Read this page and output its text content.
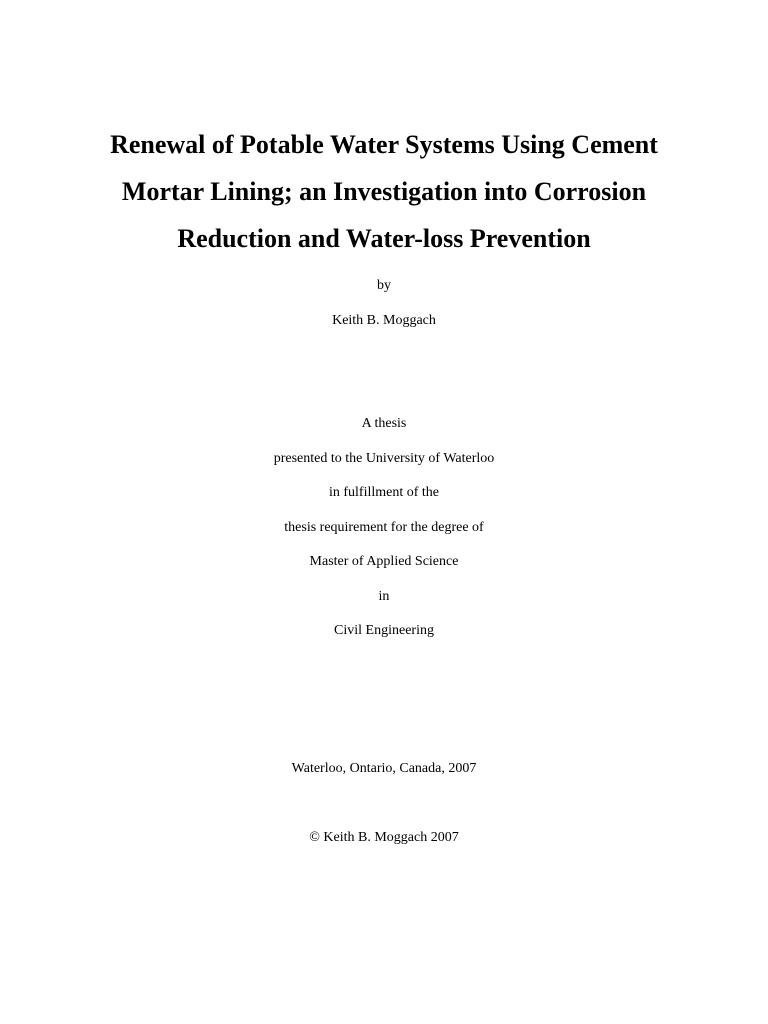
Renewal of Potable Water Systems Using Cement
Mortar Lining; an Investigation into Corrosion
Reduction and Water-loss Prevention
by
Keith B. Moggach
A thesis
presented to the University of Waterloo
in fulfillment of the
thesis requirement for the degree of
Master of Applied Science
in
Civil Engineering
Waterloo, Ontario, Canada, 2007
© Keith B. Moggach 2007
